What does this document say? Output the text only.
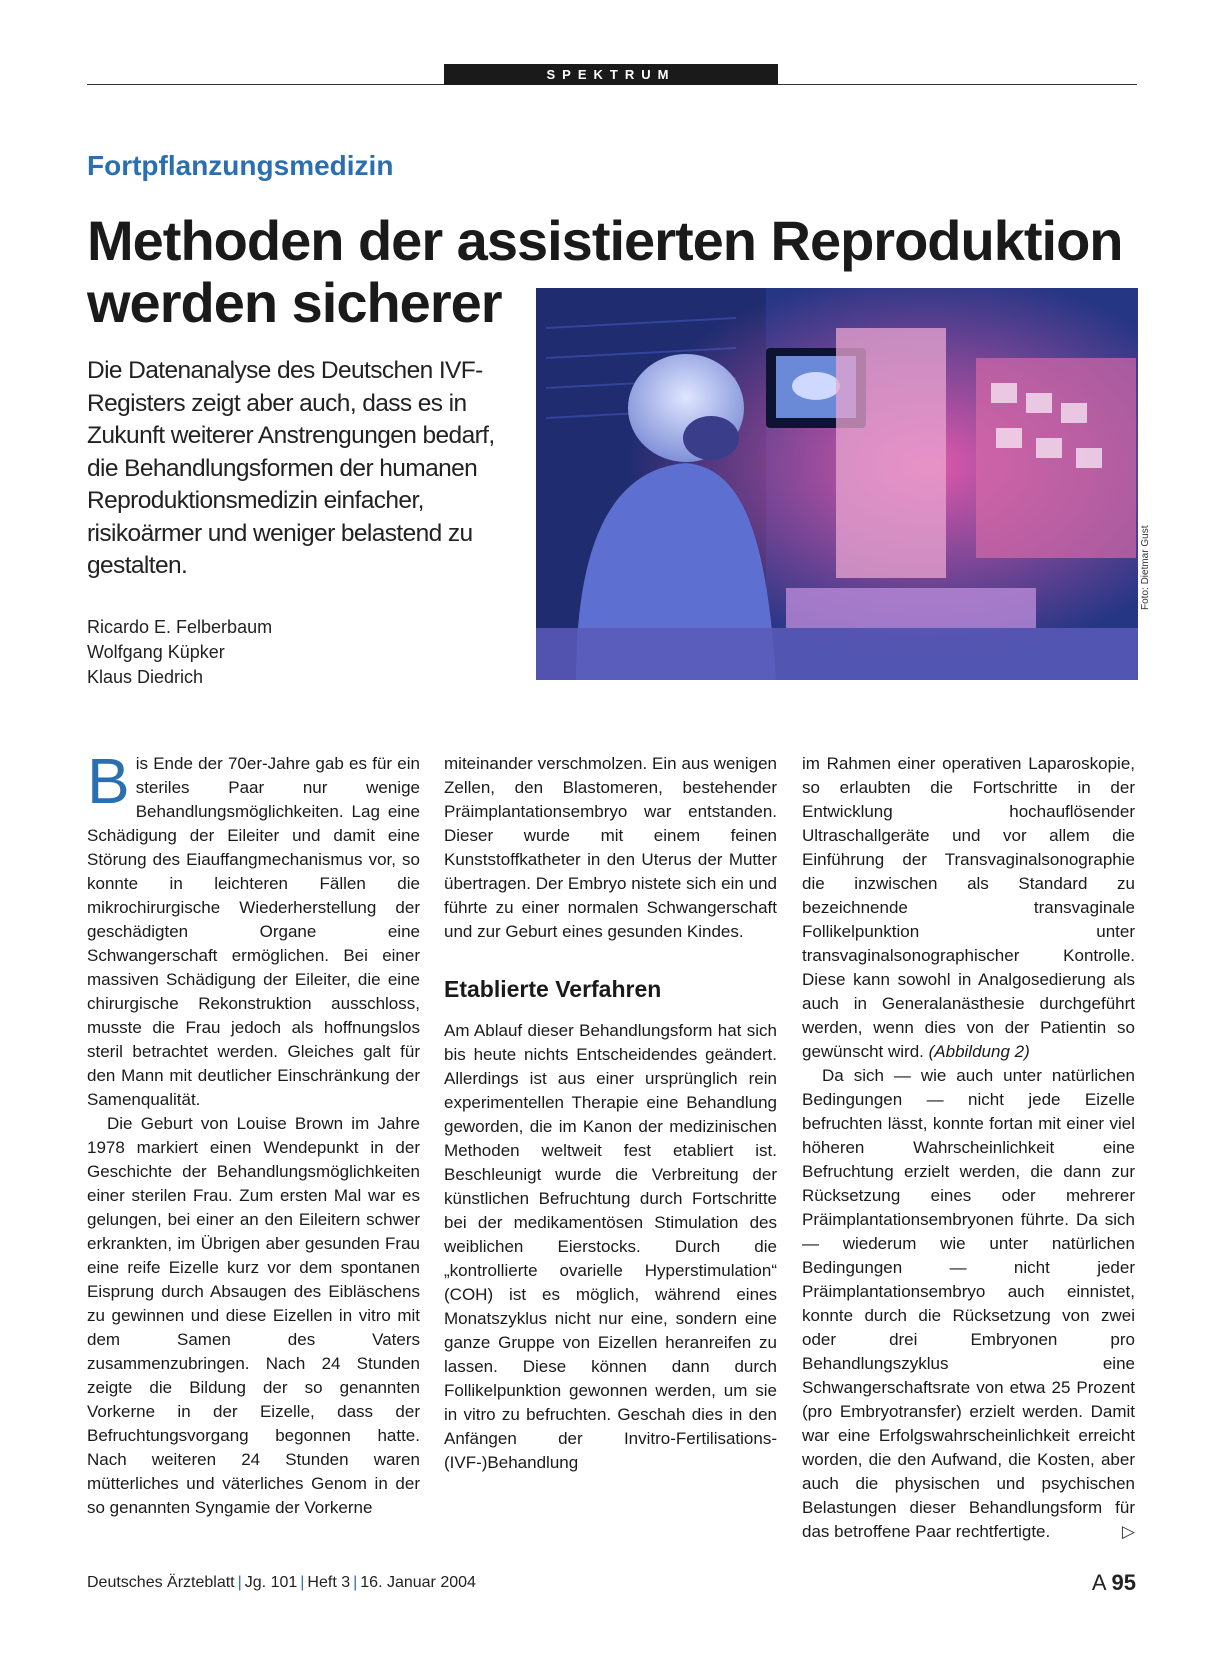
SPEKTRUM
Fortpflanzungsmedizin
Methoden der assistierten Reproduktion
werden sicherer
Die Datenanalyse des Deutschen IVF-Registers zeigt aber auch, dass es in Zukunft weiterer Anstrengungen bedarf, die Behandlungsformen der humanen Reproduktionsmedizin einfacher, risikoärmer und weniger belastend zu gestalten.
Ricardo E. Felberbaum
Wolfgang Küpker
Klaus Diedrich
Foto: Dietmar Gust

Bis Ende der 70er-Jahre gab es für ein steriles Paar nur wenige Behandlungsmöglichkeiten. Lag eine Schädigung der Eileiter und damit eine Störung des Eiauffangmechanismus vor, so konnte in leichteren Fällen die mikrochirurgische Wiederherstellung der geschädigten Organe eine Schwangerschaft ermöglichen. Bei einer massiven Schädigung der Eileiter, die eine chirurgische Rekonstruktion ausschloss, musste die Frau jedoch als hoffnungslos steril betrachtet werden. Gleiches galt für den Mann mit deutlicher Einschränkung der Samenqualität.

Die Geburt von Louise Brown im Jahre 1978 markiert einen Wendepunkt in der Geschichte der Behandlungsmöglichkeiten einer sterilen Frau. Zum ersten Mal war es gelungen, bei einer an den Eileitern schwer erkrankten, im Übrigen aber gesunden Frau eine reife Eizelle kurz vor dem spontanen Eisprung durch Absaugen des Eibläschens zu gewinnen und diese Eizellen in vitro mit dem Samen des Vaters zusammenzubringen. Nach 24 Stunden zeigte die Bildung der so genannten Vorkerne in der Eizelle, dass der Befruchtungsvorgang begonnen hatte. Nach weiteren 24 Stunden waren mütterliches und väterliches Genom in der so genannten Syngamie der Vorkerne

miteinander verschmolzen. Ein aus wenigen Zellen, den Blastomeren, bestehender Präimplantationsembryo war entstanden. Dieser wurde mit einem feinen Kunststoffkatheter in den Uterus der Mutter übertragen. Der Embryo nistete sich ein und führte zu einer normalen Schwangerschaft und zur Geburt eines gesunden Kindes.

Etablierte Verfahren

Am Ablauf dieser Behandlungsform hat sich bis heute nichts Entscheidendes geändert. Allerdings ist aus einer ursprünglich rein experimentellen Therapie eine Behandlung geworden, die im Kanon der medizinischen Methoden weltweit fest etabliert ist. Beschleunigt wurde die Verbreitung der künstlichen Befruchtung durch Fortschritte bei der medikamentösen Stimulation des weiblichen Eierstocks. Durch die „kontrollierte ovarielle Hyperstimulation“ (COH) ist es möglich, während eines Monatszyklus nicht nur eine, sondern eine ganze Gruppe von Eizellen heranreifen zu lassen. Diese können dann durch Follikelpunktion gewonnen werden, um sie in vitro zu befruchten. Geschah dies in den Anfängen der Invitro-Fertilisations-(IVF-)Behandlung

im Rahmen einer operativen Laparoskopie, so erlaubten die Fortschritte in der Entwicklung hochauflösender Ultraschallgeräte und vor allem die Einführung der Transvaginalsonographie die inzwischen als Standard zu bezeichnende transvaginale Follikelpunktion unter transvaginalsonographischer Kontrolle. Diese kann sowohl in Analgosedierung als auch in Generalanästhesie durchgeführt werden, wenn dies von der Patientin so gewünscht wird. (Abbildung 2)

Da sich — wie auch unter natürlichen Bedingungen — nicht jede Eizelle befruchten lässt, konnte fortan mit einer viel höheren Wahrscheinlichkeit eine Befruchtung erzielt werden, die dann zur Rücksetzung eines oder mehrerer Präimplantationsembryonen führte. Da sich — wiederum wie unter natürlichen Bedingungen — nicht jeder Präimplantationsembryo auch einnistet, konnte durch die Rücksetzung von zwei oder drei Embryonen pro Behandlungszyklus eine Schwangerschaftsrate von etwa 25 Prozent (pro Embryotransfer) erzielt werden. Damit war eine Erfolgswahrscheinlichkeit erreicht worden, die den Aufwand, die Kosten, aber auch die physischen und psychischen Belastungen dieser Behandlungsform für das betroffene Paar rechtfertigte.	▷

Deutsches Ärzteblatt | Jg. 101 | Heft 3 | 16. Januar 2004	A 95
